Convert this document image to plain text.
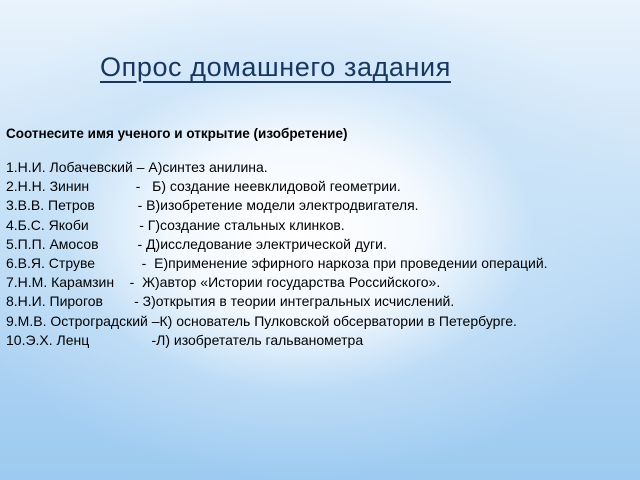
Опрос домашнего задания
Соотнесите имя ученого и открытие (изобретение)
1.Н.И. Лобачевский – А)синтез анилина.
2.Н.Н. Зинин            -   Б) создание неевклидовой геометрии.
3.В.В. Петров           - В)изобретение модели электродвигателя.
4.Б.С. Якоби             - Г)создание стальных клинков.
5.П.П. Амосов          - Д)исследование электрической дуги.
6.В.Я. Струве            -  Е)применение эфирного наркоза при проведении операций.
7.Н.М. Карамзин    -  Ж)автор «Истории государства Российского».
8.Н.И. Пирогов        - З)открытия в теории интегральных исчислений.
9.М.В. Остроградский –К) основатель Пулковской обсерватории в Петербурге.
10.Э.Х. Ленц                -Л) изобретатель гальванометра
